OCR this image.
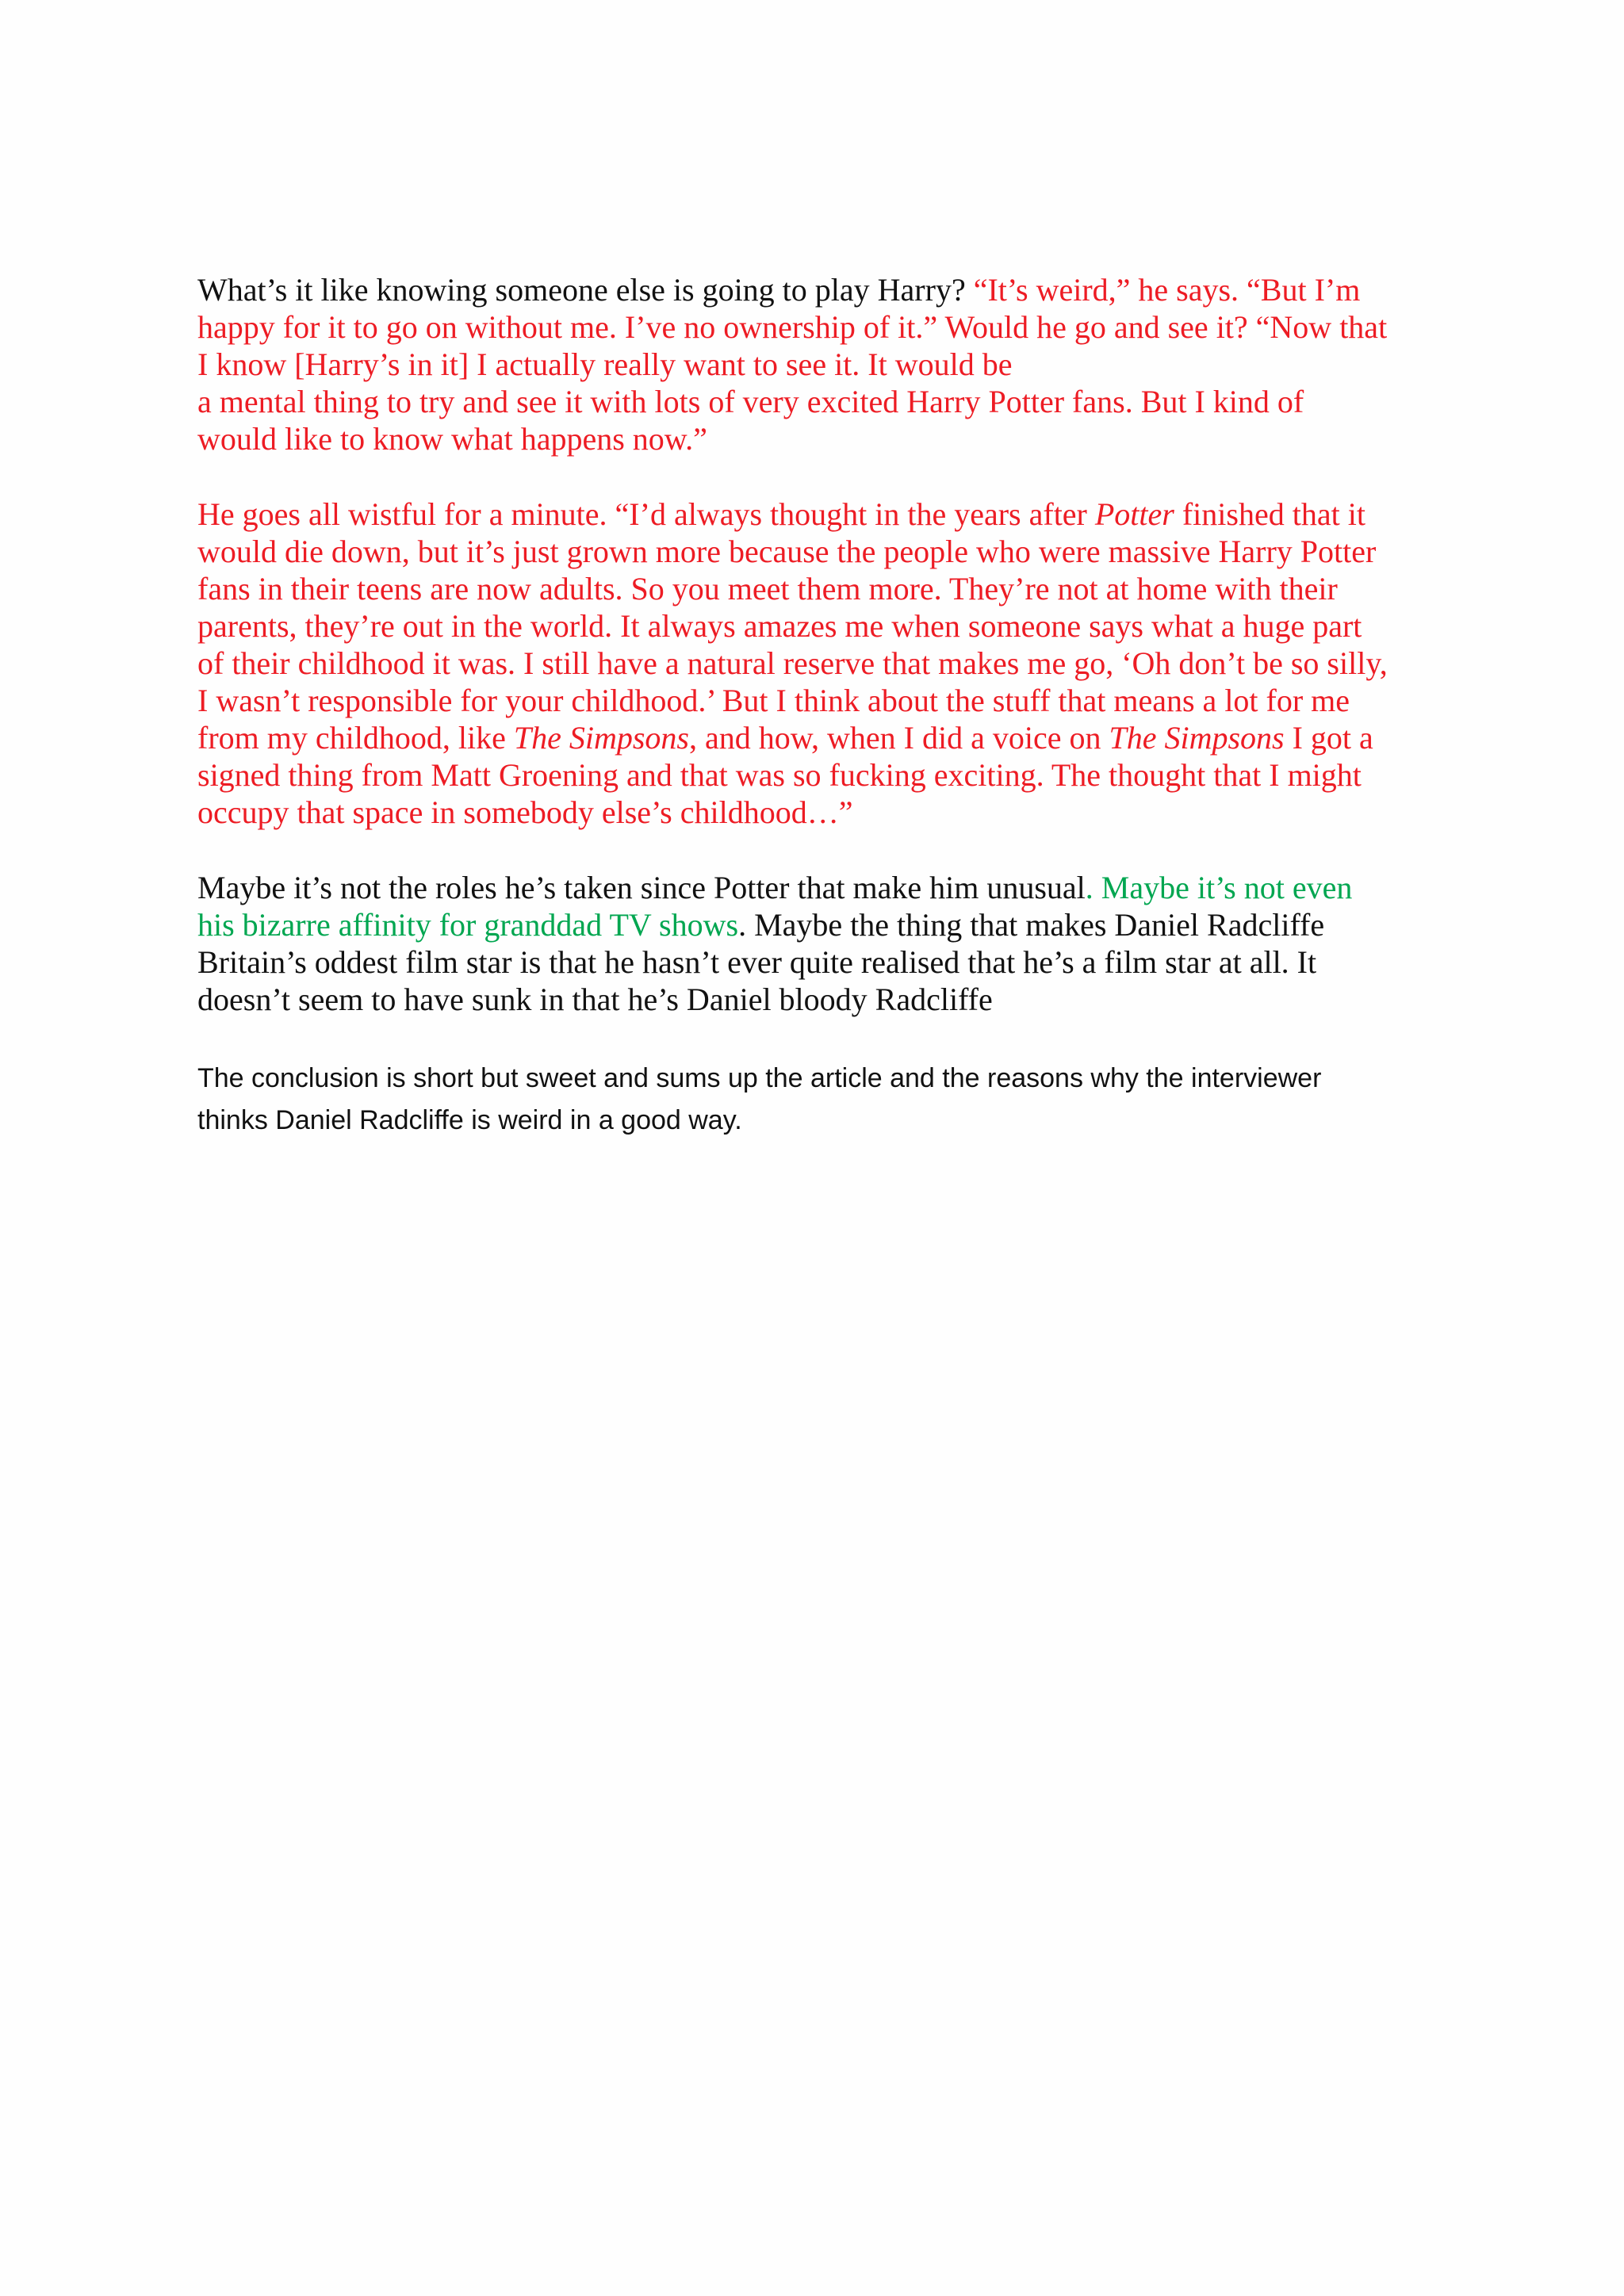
What’s it like knowing someone else is going to play Harry? “It’s weird,” he says. “But I’m
happy for it to go on without me. I’ve no ownership of it.” Would he go and see it? “Now that
I know [Harry’s in it] I actually really want to see it. It would be
a mental thing to try and see it with lots of very excited Harry Potter fans. But I kind of
would like to know what happens now.”
He goes all wistful for a minute. “I’d always thought in the years after Potter finished that it
would die down, but it’s just grown more because the people who were massive Harry Potter
fans in their teens are now adults. So you meet them more. They’re not at home with their
parents, they’re out in the world. It always amazes me when someone says what a huge part
of their childhood it was. I still have a natural reserve that makes me go, ‘Oh don’t be so silly,
I wasn’t responsible for your childhood.’ But I think about the stuff that means a lot for me
from my childhood, like The Simpsons, and how, when I did a voice on The Simpsons I got a
signed thing from Matt Groening and that was so fucking exciting. The thought that I might
occupy that space in somebody else’s childhood…”
Maybe it’s not the roles he’s taken since Potter that make him unusual. Maybe it’s not even
his bizarre affinity for granddad TV shows. Maybe the thing that makes Daniel Radcliffe
Britain’s oddest film star is that he hasn’t ever quite realised that he’s a film star at all. It
doesn’t seem to have sunk in that he’s Daniel bloody Radcliffe
The conclusion is short but sweet and sums up the article and the reasons why the interviewer
thinks Daniel Radcliffe is weird in a good way.
